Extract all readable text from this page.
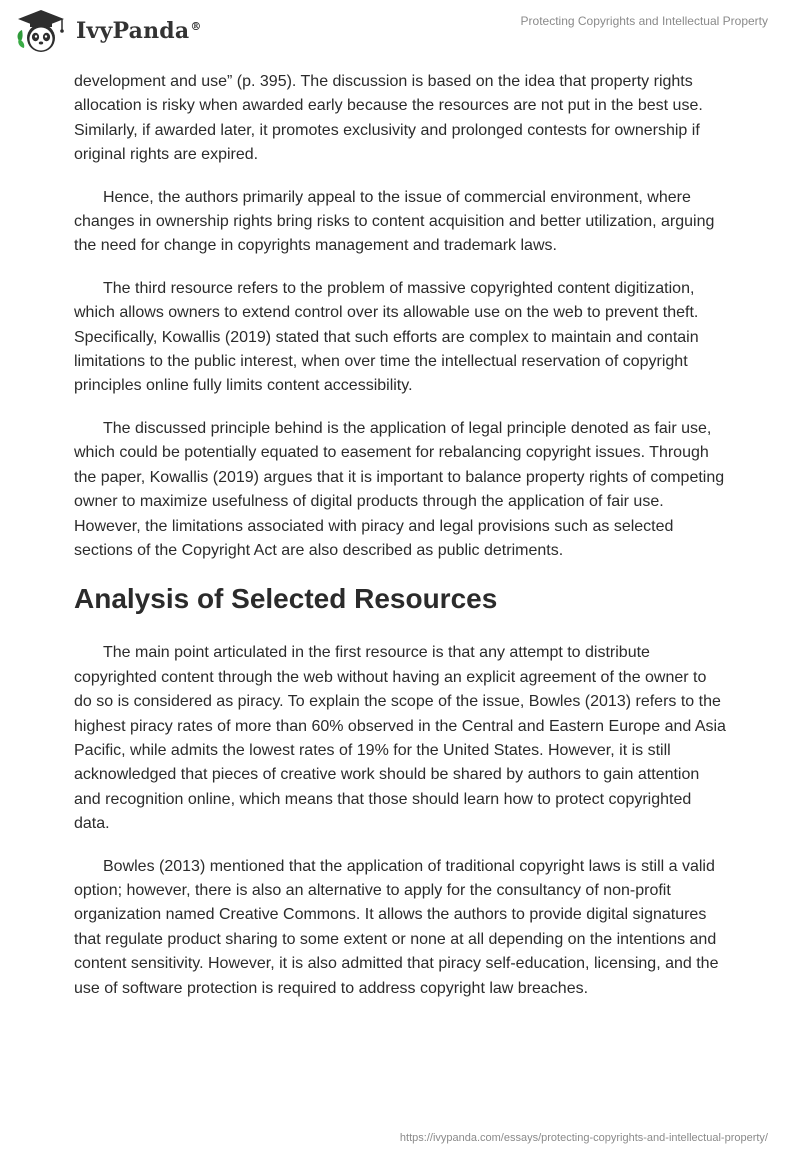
IvyPanda®	Protecting Copyrights and Intellectual Property

development and use” (p. 395). The discussion is based on the idea that property rights allocation is risky when awarded early because the resources are not put in the best use. Similarly, if awarded later, it promotes exclusivity and prolonged contests for ownership if original rights are expired.

Hence, the authors primarily appeal to the issue of commercial environment, where changes in ownership rights bring risks to content acquisition and better utilization, arguing the need for change in copyrights management and trademark laws.

The third resource refers to the problem of massive copyrighted content digitization, which allows owners to extend control over its allowable use on the web to prevent theft. Specifically, Kowallis (2019) stated that such efforts are complex to maintain and contain limitations to the public interest, when over time the intellectual reservation of copyright principles online fully limits content accessibility.

The discussed principle behind is the application of legal principle denoted as fair use, which could be potentially equated to easement for rebalancing copyright issues. Through the paper, Kowallis (2019) argues that it is important to balance property rights of competing owner to maximize usefulness of digital products through the application of fair use. However, the limitations associated with piracy and legal provisions such as selected sections of the Copyright Act are also described as public detriments.

Analysis of Selected Resources

The main point articulated in the first resource is that any attempt to distribute copyrighted content through the web without having an explicit agreement of the owner to do so is considered as piracy. To explain the scope of the issue, Bowles (2013) refers to the highest piracy rates of more than 60% observed in the Central and Eastern Europe and Asia Pacific, while admits the lowest rates of 19% for the United States. However, it is still acknowledged that pieces of creative work should be shared by authors to gain attention and recognition online, which means that those should learn how to protect copyrighted data.

Bowles (2013) mentioned that the application of traditional copyright laws is still a valid option; however, there is also an alternative to apply for the consultancy of non-profit organization named Creative Commons. It allows the authors to provide digital signatures that regulate product sharing to some extent or none at all depending on the intentions and content sensitivity. However, it is also admitted that piracy self-education, licensing, and the use of software protection is required to address copyright law breaches.

https://ivypanda.com/essays/protecting-copyrights-and-intellectual-property/
